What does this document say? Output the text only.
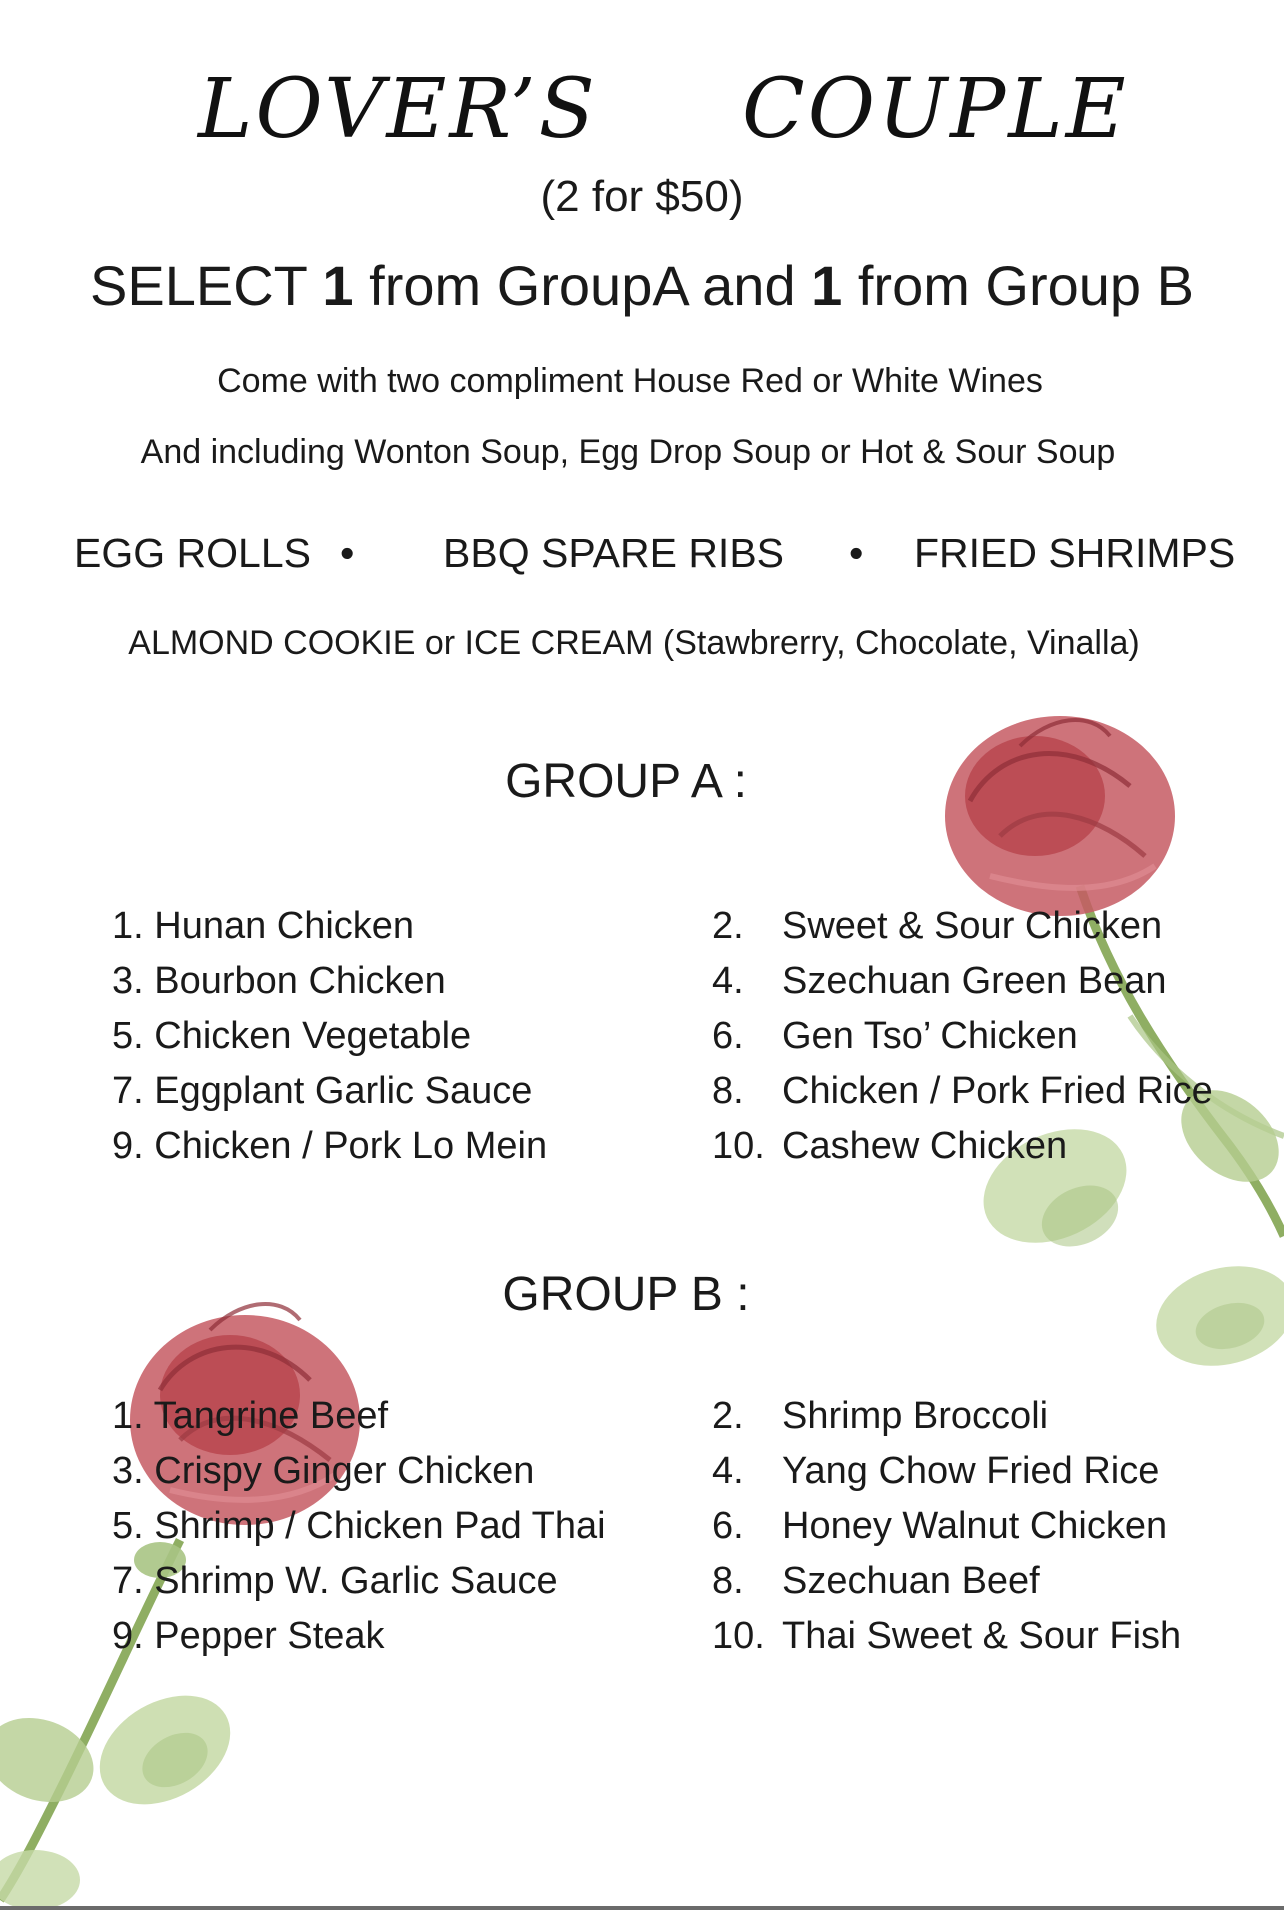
LOVER’S COUPLE
(2 for $50)
SELECT 1 from GroupA and 1 from Group B
Come with two compliment House Red or White Wines
And including Wonton Soup, Egg Drop Soup or Hot & Sour Soup
EGG ROLLS • BBQ SPARE RIBS • FRIED SHRIMPS
ALMOND COOKIE or ICE CREAM (Stawbrerry, Chocolate, Vinalla)
GROUP A :
1. Hunan Chicken	2. Sweet & Sour Chicken
3. Bourbon Chicken	4. Szechuan Green Bean
5. Chicken Vegetable	6. Gen Tso’ Chicken
7. Eggplant Garlic Sauce	8. Chicken / Pork Fried Rice
9. Chicken / Pork Lo Mein	10. Cashew Chicken
GROUP B :
1. Tangrine Beef	2. Shrimp Broccoli
3. Crispy Ginger Chicken	4. Yang Chow Fried Rice
5. Shrimp / Chicken Pad Thai	6. Honey Walnut Chicken
7. Shrimp W. Garlic Sauce	8. Szechuan Beef
9. Pepper Steak	10. Thai Sweet & Sour Fish
